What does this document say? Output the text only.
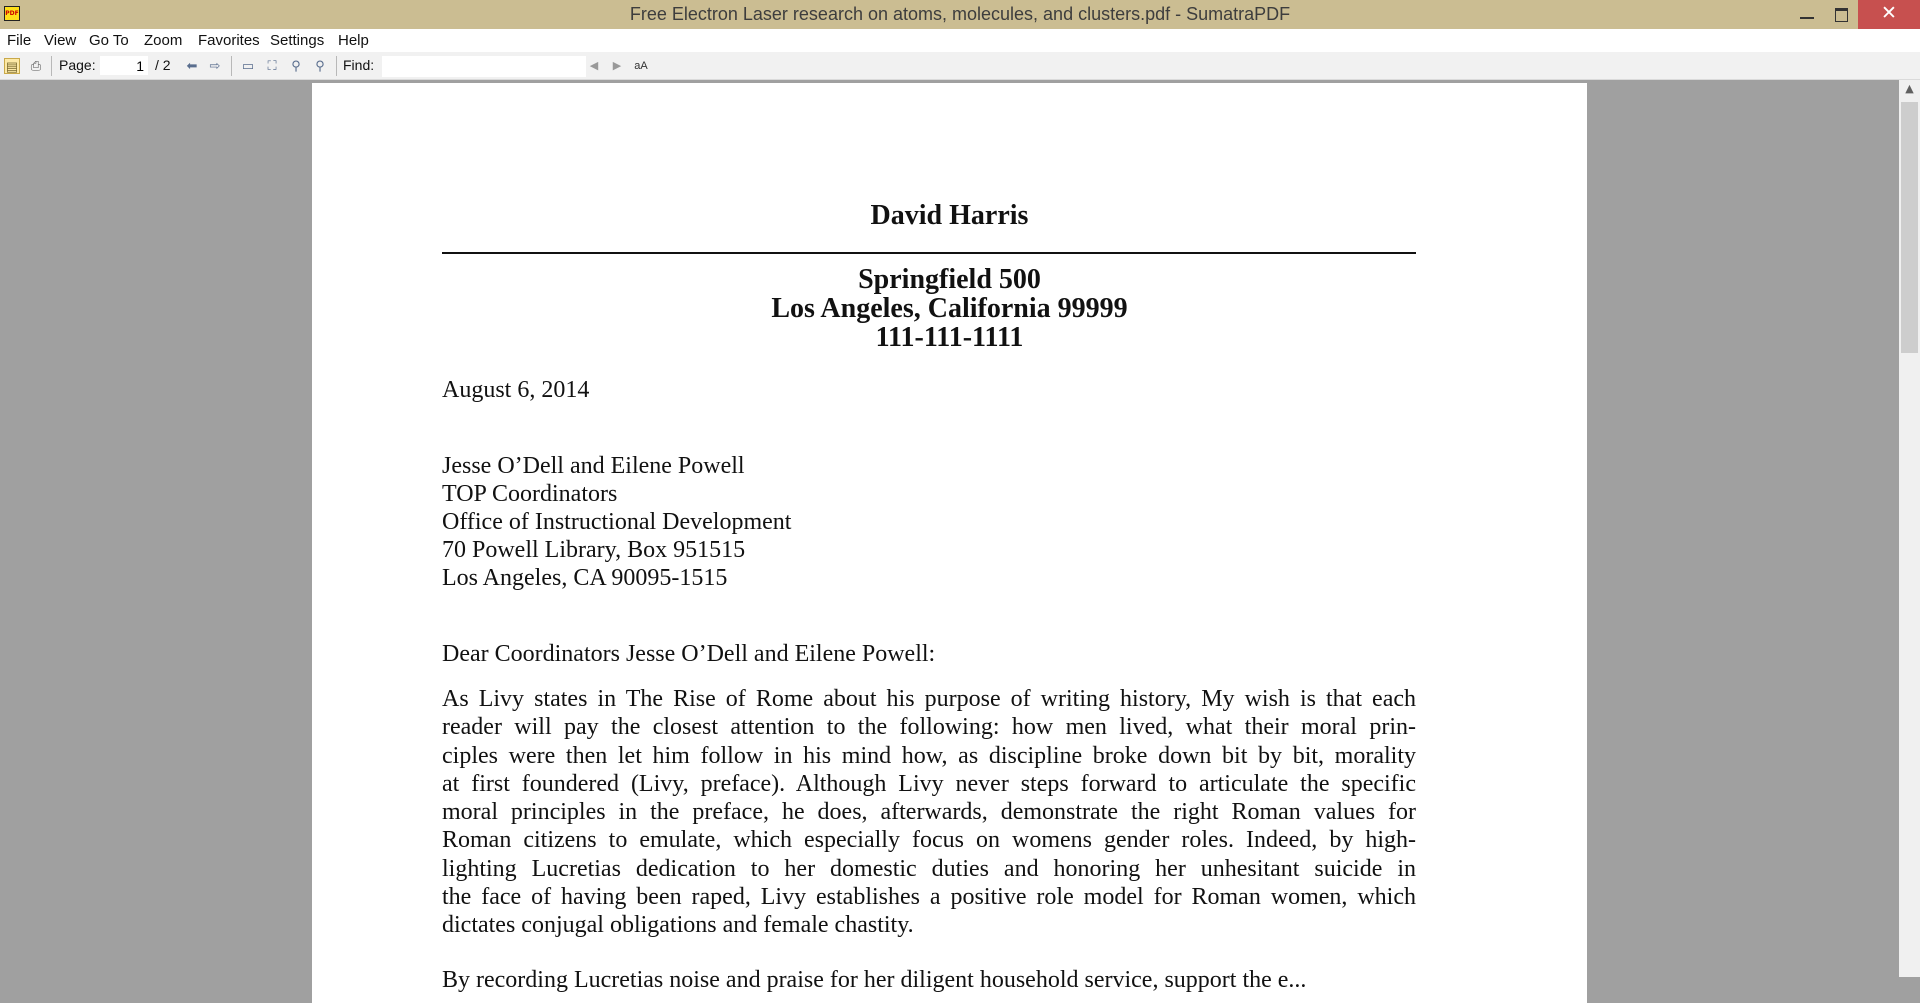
PDF	Free Electron Laser research on atoms, molecules, and clusters.pdf - SumatraPDF	✕
File View Go To Zoom Favorites Settings Help
▤ ⎙ Page:
1	/ 2 ⬅ ⇨ ▭ ⛶ ⚲ ⚲ Find:	◀	▶	aA
David Harris
Springfield 500
Los Angeles, California 99999
111-111-1111
August 6, 2014
Jesse O’Dell and Eilene Powell
TOP Coordinators
Office of Instructional Development
70 Powell Library, Box 951515
Los Angeles, CA 90095-1515
Dear Coordinators Jesse O’Dell and Eilene Powell:
As Livy states in The Rise of Rome about his purpose of writing history, My wish is that each
reader will pay the closest attention to the following: how men lived, what their moral prin-
ciples were then let him follow in his mind how, as discipline broke down bit by bit, morality
at first foundered (Livy, preface). Although Livy never steps forward to articulate the specific
moral principles in the preface, he does, afterwards, demonstrate the right Roman values for
Roman citizens to emulate, which especially focus on womens gender roles. Indeed, by high-
lighting Lucretias dedication to her domestic duties and honoring her unhesitant suicide in
the face of having been raped, Livy establishes a positive role model for Roman women, which
dictates conjugal obligations and female chastity.
By recording Lucretias noise and praise for her diligent household service, support the e...
▲
